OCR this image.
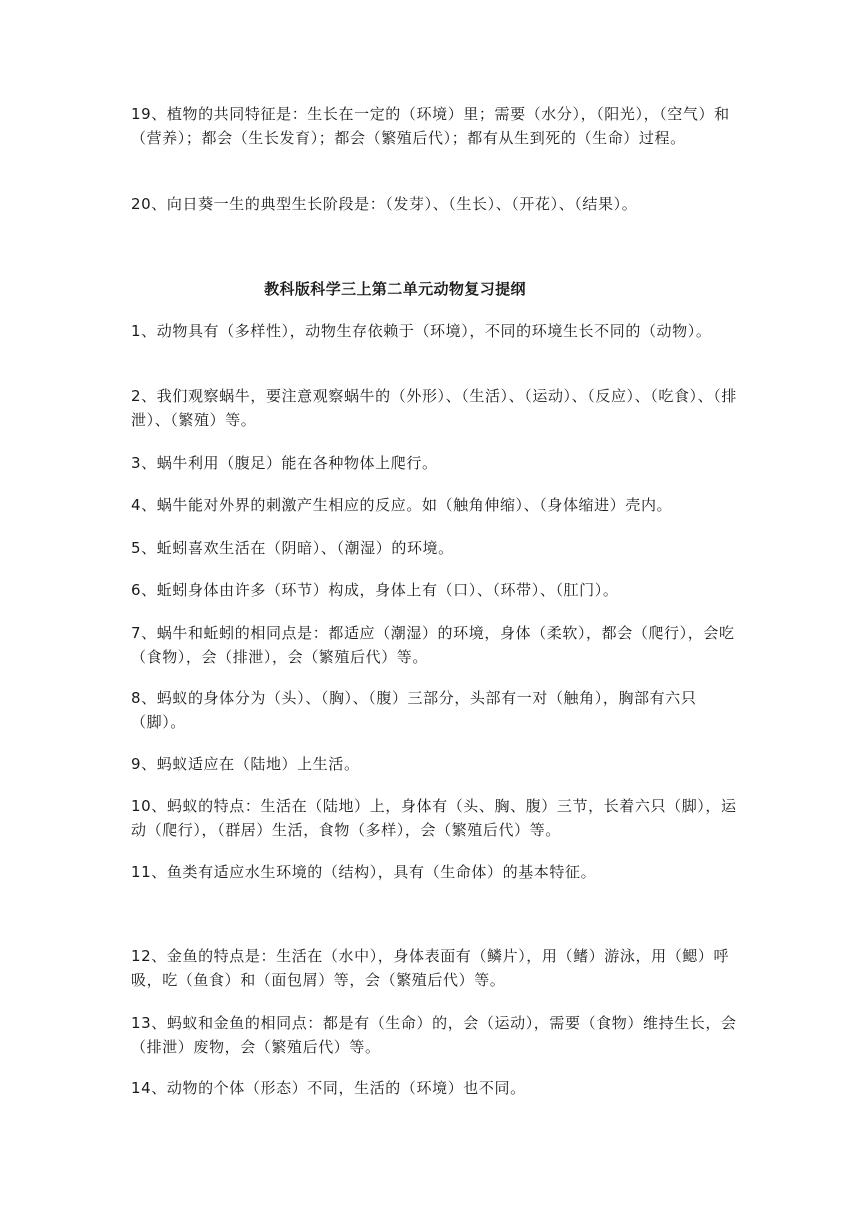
19、植物的共同特征是：生长在一定的（环境）里；需要（水分），（阳光），（空气）和（营养）；都会（生长发育）；都会（繁殖后代）；都有从生到死的（生命）过程。

20、向日葵一生的典型生长阶段是：（发芽）、（生长）、（开花）、（结果）。

教科版科学三上第二单元动物复习提纲

1、动物具有（多样性），动物生存依赖于（环境），不同的环境生长不同的（动物）。

2、我们观察蜗牛，要注意观察蜗牛的（外形）、（生活）、（运动）、（反应）、（吃食）、（排泄）、（繁殖）等。

3、蜗牛利用（腹足）能在各种物体上爬行。

4、蜗牛能对外界的刺激产生相应的反应。如（触角伸缩）、（身体缩进）壳内。

5、蚯蚓喜欢生活在（阴暗）、（潮湿）的环境。

6、蚯蚓身体由许多（环节）构成，身体上有（口）、（环带）、（肛门）。

7、蜗牛和蚯蚓的相同点是：都适应（潮湿）的环境，身体（柔软），都会（爬行），会吃（食物），会（排泄），会（繁殖后代）等。

8、蚂蚁的身体分为（头）、（胸）、（腹）三部分，头部有一对（触角），胸部有六只（脚）。

9、蚂蚁适应在（陆地）上生活。

10、蚂蚁的特点：生活在（陆地）上，身体有（头、胸、腹）三节，长着六只（脚），运动（爬行），（群居）生活，食物（多样），会（繁殖后代）等。

11、鱼类有适应水生环境的（结构），具有（生命体）的基本特征。

12、金鱼的特点是：生活在（水中），身体表面有（鳞片），用（鳍）游泳，用（鳃）呼吸，吃（鱼食）和（面包屑）等，会（繁殖后代）等。

13、蚂蚁和金鱼的相同点：都是有（生命）的，会（运动），需要（食物）维持生长，会（排泄）废物，会（繁殖后代）等。

14、动物的个体（形态）不同，生活的（环境）也不同。
